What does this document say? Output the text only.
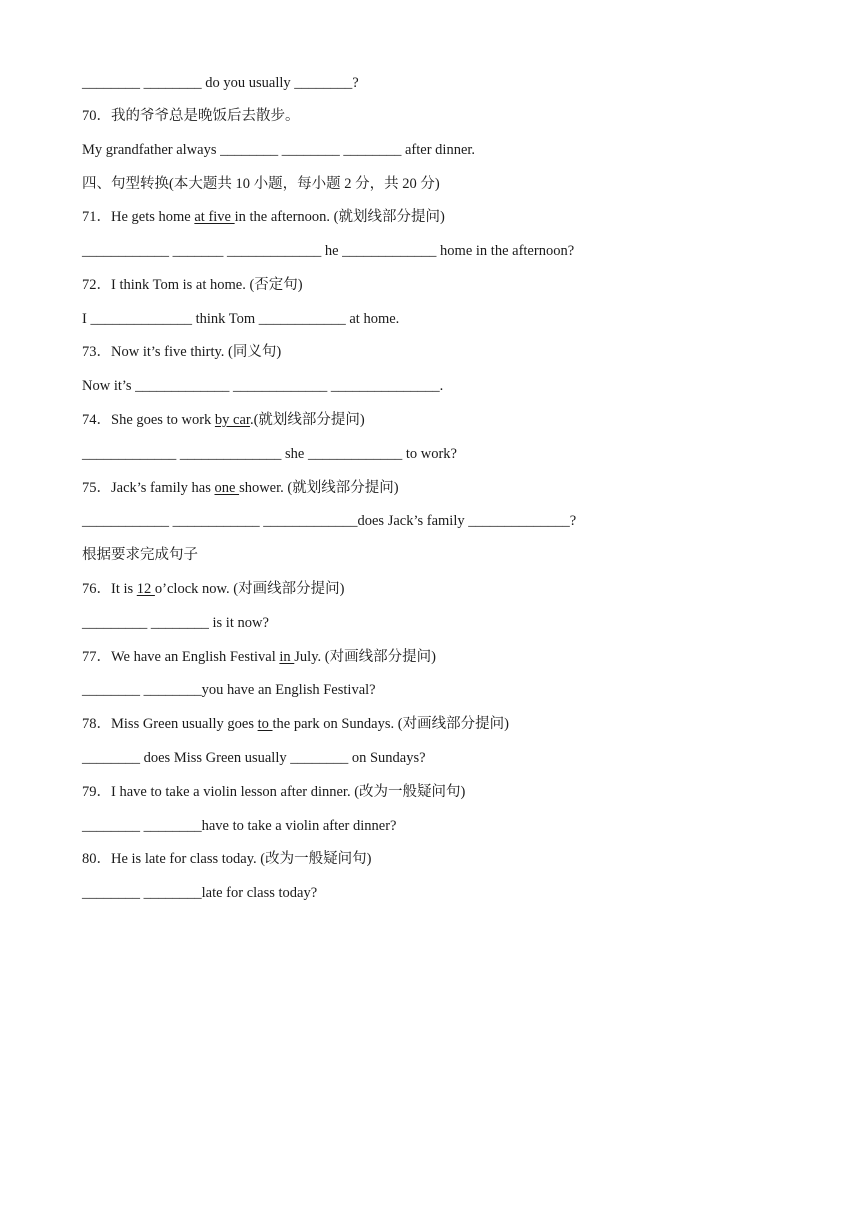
________ ________ do you usually ________?
70．我的爷爷总是晚饭后去散步。
My grandfather always ________ ________ ________ after dinner.
四、句型转换(本大题共 10 小题，每小题 2 分，共 20 分)
71．He gets home at five in the afternoon. (就划线部分提问)
____________ _______ _____________ he _____________ home in the afternoon?
72．I think Tom is at home. (否定句)
I ______________ think Tom ____________ at home.
73．Now it’s five thirty. (同义句)
Now it’s _____________ _____________ _______________.
74．She goes to work by car.(就划线部分提问)
_____________ ______________ she _____________ to work?
75．Jack’s family has one shower. (就划线部分提问)
____________ ____________ _____________does Jack’s family ______________?
根据要求完成句子
76．It is 12 o’clock now. (对画线部分提问)
_________ ________ is it now?
77．We have an English Festival in July. (对画线部分提问)
________ ________you have an English Festival?
78．Miss Green usually goes to the park on Sundays. (对画线部分提问)
________ does Miss Green usually ________ on Sundays?
79．I have to take a violin lesson after dinner. (改为一般疑问句)
________ ________have to take a violin after dinner?
80．He is late for class today. (改为一般疑问句)
________ ________late for class today?
